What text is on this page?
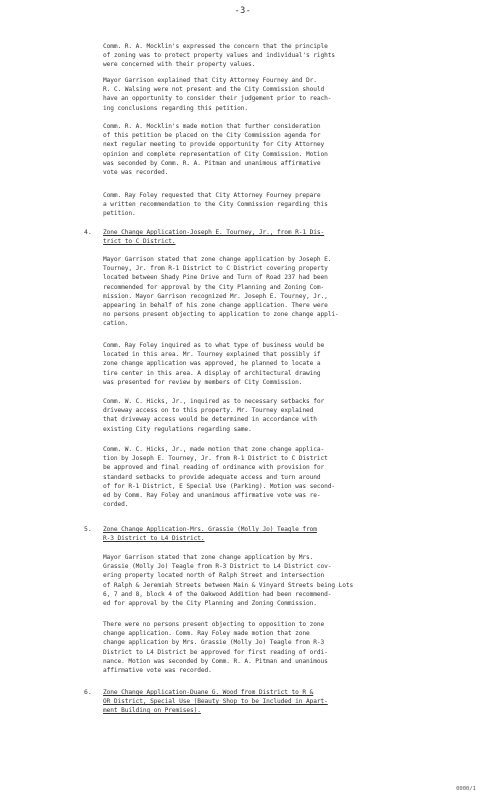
-3-
Comm. R. A. Mocklin's expressed the concern that the principle
of zoning was to protect property values and individual's rights
were concerned with their property values.
Mayor Garrison explained that City Attorney Fourney and Dr.
R. C. Walsing were not present and the City Commission should
have an opportunity to consider their judgement prior to reach-
ing conclusions regarding this petition.
Comm. R. A. Mocklin's made motion that further consideration
of this petition be placed on the City Commission agenda for
next regular meeting to provide opportunity for City Attorney
opinion and complete representation of City Commission. Motion
was seconded by Comm. R. A. Pitman and unanimous affirmative
vote was recorded.
Comm. Ray Foley requested that City Attorney Fourney prepare
a written recommendation to the City Commission regarding this
petition.
4. Zone Change Application-Joseph E. Tourney, Jr., from R-1 Dis-
trict to C District.
Mayor Garrison stated that zone change application by Joseph E.
Tourney, Jr. from R-1 District to C District covering property
located between Shady Pine Drive and Turn of Road 237 had been
recommended for approval by the City Planning and Zoning Com-
mission. Mayor Garrison recognized Mr. Joseph E. Tourney, Jr.,
appearing in behalf of his zone change application. There were
no persons present objecting to application to zone change appli-
cation.
Comm. Ray Foley inquired as to what type of business would be
located in this area. Mr. Tourney explained that possibly if
zone change application was approved, he planned to locate a
tire center in this area. A display of architectural drawing
was presented for review by members of City Commission.
Comm. W. C. Hicks, Jr., inquired as to necessary setbacks for
driveway access on to this property. Mr. Tourney explained
that driveway access would be determined in accordance with
existing City regulations regarding same.
Comm. W. C. Hicks, Jr., made motion that zone change applica-
tion by Joseph E. Tourney, Jr. from R-1 District to C District
be approved and final reading of ordinance with provision for
standard setbacks to provide adequate access and turn around
of for R-1 District, E Special Use (Parking). Motion was second-
ed by Comm. Ray Foley and unanimous affirmative vote was re-
corded.
5. Zone Change Application-Mrs. Grassie (Molly Jo) Teagle from
R-3 District to L4 District.
Mayor Garrison stated that zone change application by Mrs.
Grassie (Molly Jo) Teagle from R-3 District to L4 District cov-
ering property located north of Ralph Street and intersection
of Ralph & Jeremiah Streets between Main & Vinyard Streets being Lots
6, 7 and 8, block 4 of the Oakwood Addition had been recommend-
ed for approval by the City Planning and Zoning Commission.
There were no persons present objecting to opposition to zone
change application. Comm. Ray Foley made motion that zone
change application by Mrs. Grassie (Molly Jo) Teagle from R-3
District to L4 District be approved for first reading of ordi-
nance. Motion was seconded by Comm. R. A. Pitman and unanimous
affirmative vote was recorded.
6. Zone Change Application-Duane G. Wood from District to R &
OR District, Special Use (Beauty Shop to be Included in Apart-
ment Building on Premises).
0000/1
